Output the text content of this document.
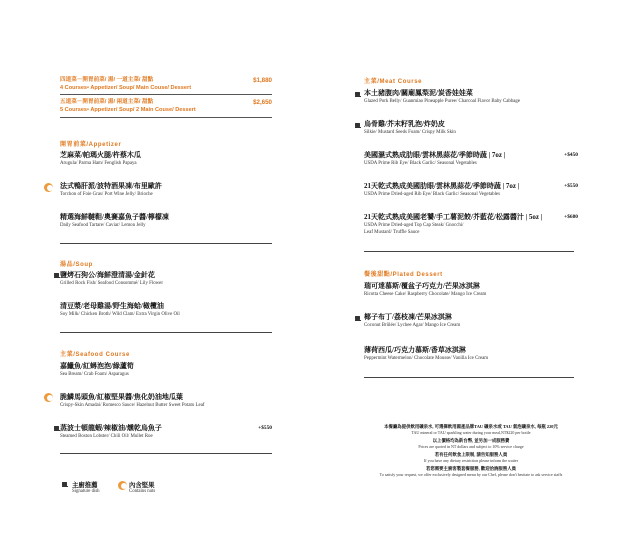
四道菜－開胃前菜/ 湯/ 一道主菜/ 甜點
4 Courses• Appetizer/ Soup/ Main Couse/ Dessert
$1,880
五道菜－開胃前菜/ 湯/ 兩道主菜/ 甜點
5 Courses• Appetizer/ Soup/ 2 Main Couse/ Dessert
$2,650
開胃前菜/Appetizer
芝麻菜/帕瑪火腿/杵蔡木瓜
Arugula/ Parma Ham/ Fenglish Papaya
法式鴨肝派/波特酒果凍/布里歐許
Torchon of Foie Gras/ Port Wine Jelly/ Brioche
精選海鮮韃靼/奧賽嘉魚子醬/檸檬凍
Daily Seafood Tartare/ Caviar/ Lemon Jelly
湯品/Soup
鹽烤石狗公/海鮮澄清湯/金針花
Grilled Rock Fish/ Seafood Consommé/ Lily Flower
清豆漿/老母雞湯/野生海蛤/橄欖油
Soy Milk/ Chicken Broth/ Wild Clam/ Extra Virgin Olive Oil
主菜/Seafood Course
嘉鱲魚/紅蟳泡泡/綠蘆筍
Sea Bream/ Crab Foam/ Asparagus
脆鱗馬頭魚/紅椒堅果醬/焦化奶油地瓜葉
Crispy-Skin Amadai/ Romesco Sauce/ Hazelnut Butter Sweet Potato Leaf
蒸波士頓龍蝦/辣椒油/燻乾烏魚子
Steamed Boston Lobster/ Chili Oil/ Mullet Roe
+$550
主廚推薦
Signature dish
內含堅果
Contains nuts
主菜/Meat Course
本土豬腹肉/關廟鳳梨泥/炭香娃娃菜
Glazed Pork Belly/ Guanmiao Pineapple Puree/ Charcoal Flavor Baby Cabbage
烏骨雞/芥末籽乳泡/炸奶皮
Silkie/ Mustard Seeds Foam/ Crispy Milk Skin
美國濕式熟成肋眼/雲林黑蒜花/季節時蔬 | 7oz |
USDA Prime Rib Eye/ Black Garlic/ Seasonal Vegetables
+$450
21天乾式熟成美國肋眼/雲林黑蒜花/季節時蔬 | 7oz |
USDA Prime Dried-aged Rib Eye/ Black Garlic/ Seasonal Vegetables
+$550
21天乾式熟成美國老饕/手工薯泥餃/芥藍花/松露醬汁 | 5oz |
USDA Prime Dried-aged Top Cap Steak/ Gnocchi/
Leaf Mustard/ Truffle Sauce
+$680
餐後甜點/Plated Dessert
瑞可達慕斯/覆盆子巧克力/芒果冰淇淋
Ricotta Cheese Cake/ Raspberry Chocolate/ Mango Ice Cream
椰子布丁/荔枝凍/芒果冰淇淋
Coconut Brûlée/ Lychee Agar/ Mango Ice Cream
薄荷西瓜/巧克力慕斯/香草冰淇淋
Peppermint Watermelon/ Chocolate Mousse/ Vanilla Ice Cream
本餐廳為提供飲用礦泉水, 可選擇飲用國產品牌TAU 礦泉水或 TAU 氣泡礦泉水, 每瓶 220元
TAU mineral or TAU sparkling water during your meal,NT$220 per bottle
以上價格均為新台幣, 並另加一成服務費
Prices are quoted in NT dollars and subject to 10% service charge
若有任何飲食上限制, 請告知服務人員
If you have any dietary restriction please inform the waiter
若您需要主廚客製套餐服務, 歡迎洽詢服務人員
To satisfy your request, we offer exclusively designed menu by our Chef, please don't hesitate to ask service staffs
